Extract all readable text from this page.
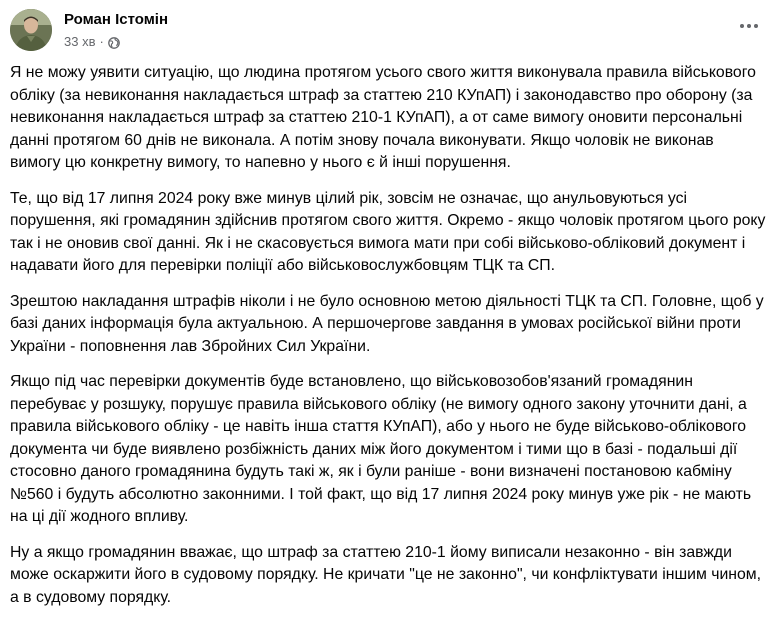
Роман Істомін
33 хв ·

Я не можу уявити ситуацію, що людина протягом усього свого життя виконувала правила військового обліку (за невиконання накладається штраф за статтею 210 КУпАП) і законодавство про оборону (за невиконання накладається штраф за статтею 210-1 КУпАП), а от саме вимогу оновити персональні данні протягом 60 днів не виконала. А потім знову почала виконувати. Якщо чоловік не виконав вимогу цю конкретну вимогу, то напевно у нього є й інші порушення.

Те, що від 17 липня 2024 року вже минув цілий рік, зовсім не означає, що анульовуються усі порушення, які громадянин здійснив протягом свого життя. Окремо - якщо чоловік протягом цього року так і не оновив свої данні. Як і не скасовується вимога мати при собі військово-обліковий документ і надавати його для перевірки поліції або військовослужбовцям ТЦК та СП.

Зрештою накладання штрафів ніколи і не було основною метою діяльності ТЦК та СП. Головне, щоб у базі даних інформація була актуальною. А першочергове завдання в умовах російської війни проти України - поповнення лав Збройних Сил України.

Якщо під час перевірки документів буде встановлено, що військовозобов'язаний громадянин перебуває у розшуку, порушує правила військового обліку (не вимогу одного закону уточнити дані, а правила військового обліку - це навіть інша стаття КУпАП), або у нього не буде військово-облікового документа чи буде виявлено розбіжність даних між його документом і тими що в базі - подальші дії стосовно даного громадянина будуть такі ж, як і були раніше - вони визначені постановою кабміну №560 і будуть абсолютно законними. І той факт, що від 17 липня 2024 року минув уже рік - не мають на ці дії жодного впливу.

Ну а якщо громадянин вважає, що штраф за статтею 210-1 йому виписали незаконно - він завжди може оскаржити його в судовому порядку. Не кричати "це не законно", чи конфліктувати іншим чином, а в судовому порядку.
